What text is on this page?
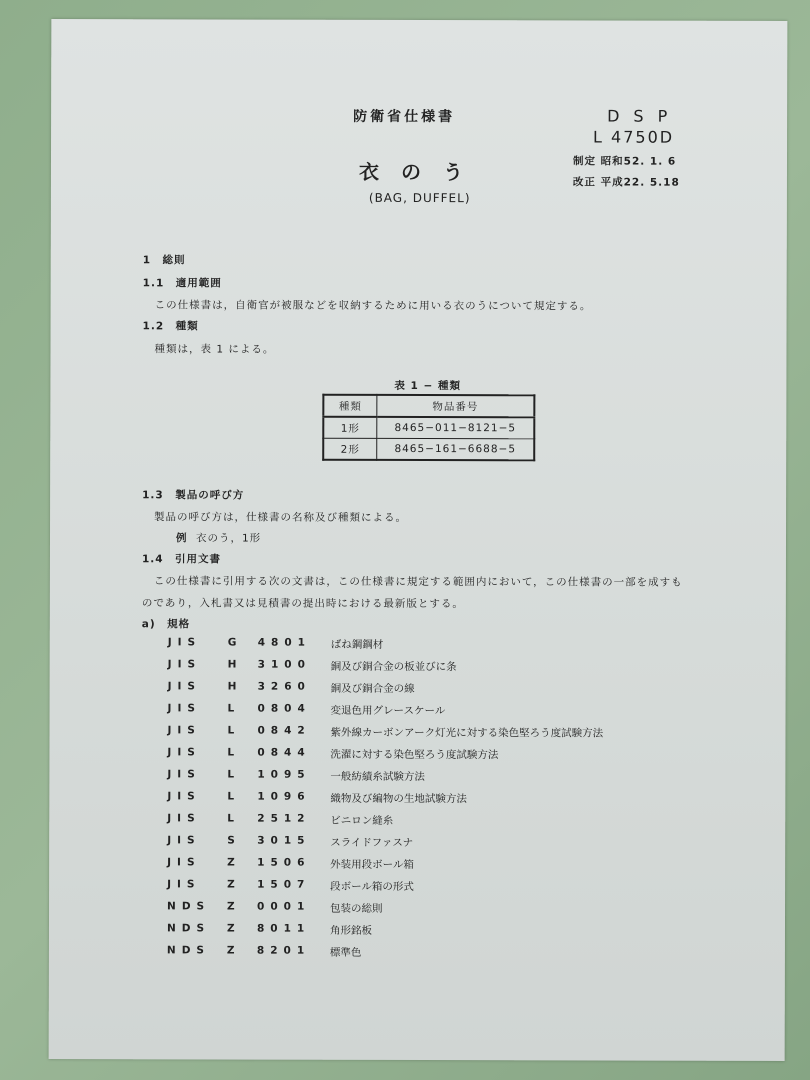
防衛省仕様書
衣のう
(BAG, DUFFEL)
DSP
L 4750D
制定 昭和52. 1. 6
改正 平成22. 5.18
1　総則
1.1　適用範囲
この仕様書は，自衛官が被服などを収納するために用いる衣のうについて規定する。
1.2　種類
種類は，表 1 による。
表 1 − 種類
種類	物品番号
1形	8465−011−8121−5
2形	8465−161−6688−5
1.3　製品の呼び方
製品の呼び方は，仕様書の名称及び種類による。
例 衣のう，1形
1.4　引用文書
この仕様書に引用する次の文書は，この仕様書に規定する範囲内において，この仕様書の一部を成すも
のであり，入札書又は見積書の提出時における最新版とする。
a)　規格
JIS	G	4801	ばね鋼鋼材
JIS	H	3100	銅及び銅合金の板並びに条
JIS	H	3260	銅及び銅合金の線
JIS	L	0804	変退色用グレースケール
JIS	L	0842	紫外線カーボンアーク灯光に対する染色堅ろう度試験方法
JIS	L	0844	洗濯に対する染色堅ろう度試験方法
JIS	L	1095	一般紡績糸試験方法
JIS	L	1096	織物及び編物の生地試験方法
JIS	L	2512	ビニロン縫糸
JIS	S	3015	スライドファスナ
JIS	Z	1506	外装用段ボール箱
JIS	Z	1507	段ボール箱の形式
NDS	Z	0001	包装の総則
NDS	Z	8011	角形銘板
NDS	Z	8201	標準色
